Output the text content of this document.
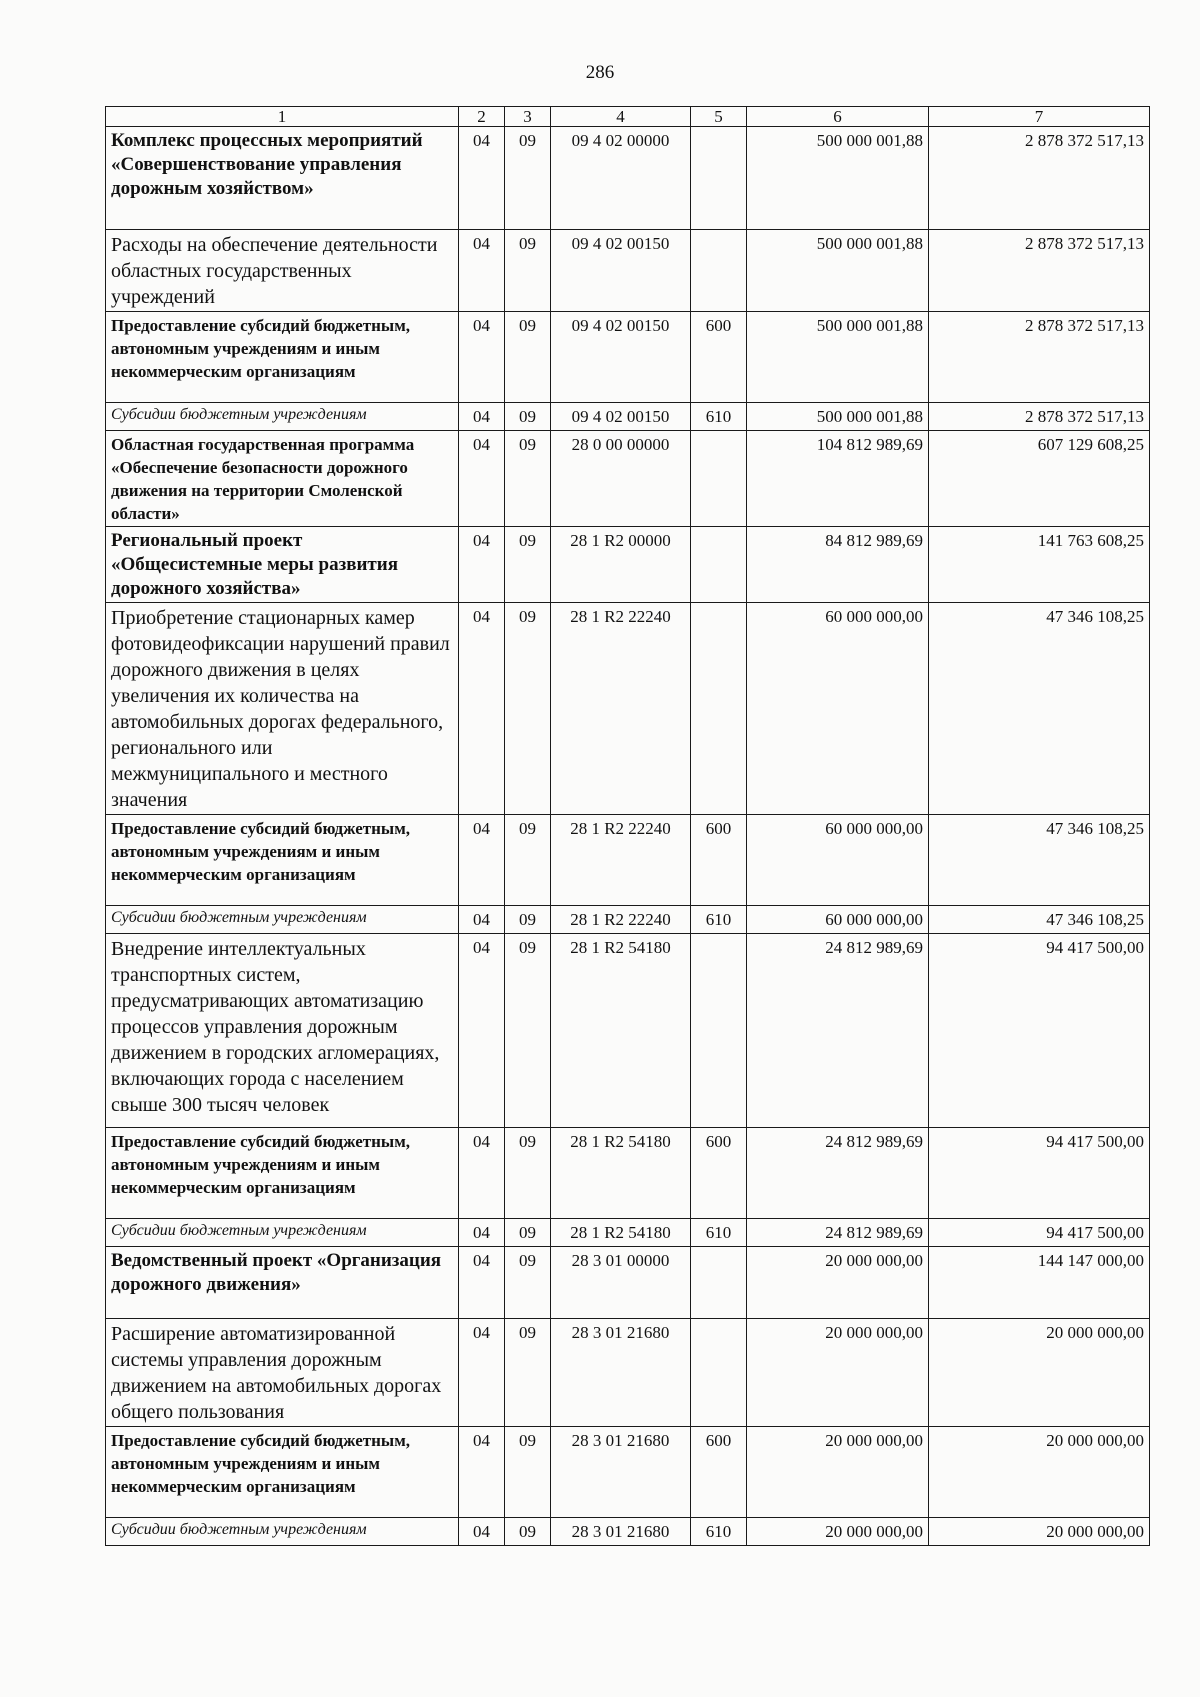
286
1	2	3	4	5	6	7
Комплекс процессных мероприятий «Совершенствование управления дорожным хозяйством»	04	09	09 4 02 00000		500 000 001,88	2 878 372 517,13
Расходы на обеспечение деятельности областных государственных учреждений	04	09	09 4 02 00150		500 000 001,88	2 878 372 517,13
Предоставление субсидий бюджетным, автономным учреждениям и иным некоммерческим организациям	04	09	09 4 02 00150	600	500 000 001,88	2 878 372 517,13
Субсидии бюджетным учреждениям	04	09	09 4 02 00150	610	500 000 001,88	2 878 372 517,13
Областная государственная программа «Обеспечение безопасности дорожного движения на территории Смоленской области»	04	09	28 0 00 00000		104 812 989,69	607 129 608,25
Региональный проект «Общесистемные меры развития дорожного хозяйства»	04	09	28 1 R2 00000		84 812 989,69	141 763 608,25
Приобретение стационарных камер фотовидеофиксации нарушений правил дорожного движения в целях увеличения их количества на автомобильных дорогах федерального, регионального или межмуниципального и местного значения	04	09	28 1 R2 22240		60 000 000,00	47 346 108,25
Предоставление субсидий бюджетным, автономным учреждениям и иным некоммерческим организациям	04	09	28 1 R2 22240	600	60 000 000,00	47 346 108,25
Субсидии бюджетным учреждениям	04	09	28 1 R2 22240	610	60 000 000,00	47 346 108,25
Внедрение интеллектуальных транспортных систем, предусматривающих автоматизацию процессов управления дорожным движением в городских агломерациях, включающих города с населением свыше 300 тысяч человек	04	09	28 1 R2 54180		24 812 989,69	94 417 500,00
Предоставление субсидий бюджетным, автономным учреждениям и иным некоммерческим организациям	04	09	28 1 R2 54180	600	24 812 989,69	94 417 500,00
Субсидии бюджетным учреждениям	04	09	28 1 R2 54180	610	24 812 989,69	94 417 500,00
Ведомственный проект «Организация дорожного движения»	04	09	28 3 01 00000		20 000 000,00	144 147 000,00
Расширение автоматизированной системы управления дорожным движением на автомобильных дорогах общего пользования	04	09	28 3 01 21680		20 000 000,00	20 000 000,00
Предоставление субсидий бюджетным, автономным учреждениям и иным некоммерческим организациям	04	09	28 3 01 21680	600	20 000 000,00	20 000 000,00
Субсидии бюджетным учреждениям	04	09	28 3 01 21680	610	20 000 000,00	20 000 000,00
